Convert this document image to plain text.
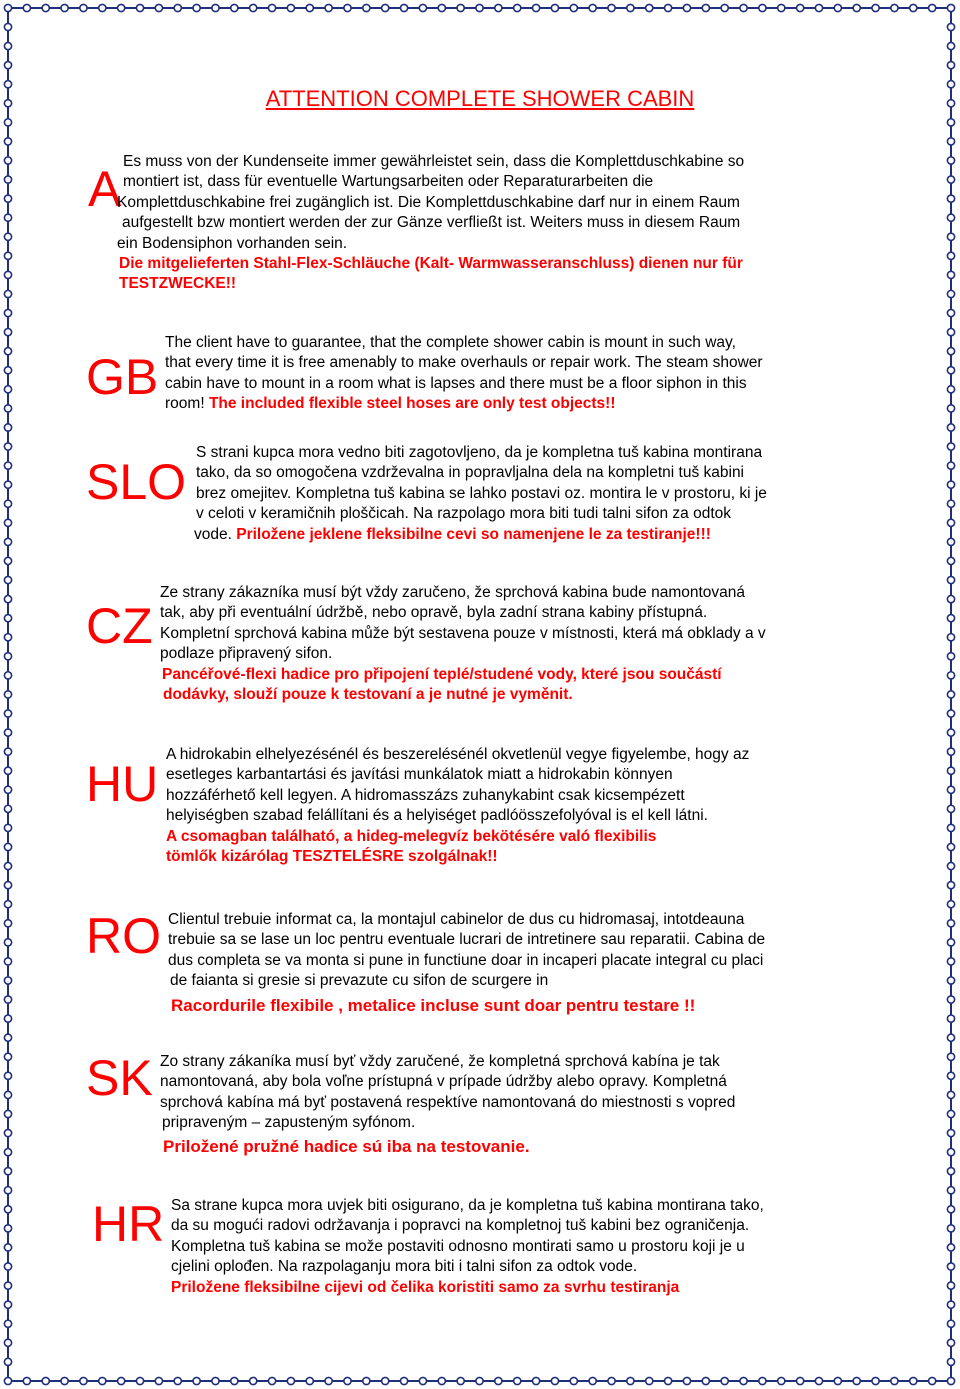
ATTENTION COMPLETE SHOWER CABIN
A Es muss von der Kundenseite immer gewährleistet sein, dass die Komplettduschkabine so
montiert ist, dass für eventuelle Wartungsarbeiten oder Reparaturarbeiten die
Komplettduschkabine frei zugänglich ist. Die Komplettduschkabine darf nur in einem Raum
aufgestellt bzw montiert werden der zur Gänze verfließt ist. Weiters muss in diesem Raum
ein Bodensiphon vorhanden sein.
Die mitgelieferten Stahl-Flex-Schläuche (Kalt- Warmwasseranschluss) dienen nur für
TESTZWECKE!!
GB
The client have to guarantee, that the complete shower cabin is mount in such way,
that every time it is free amenably to make overhauls or repair work. The steam shower
cabin have to mount in a room what is lapses and there must be a floor siphon in this
room! The included flexible steel hoses are only test objects!!
SLO
S strani kupca mora vedno biti zagotovljeno, da je kompletna tuš kabina montirana
tako, da so omogočena vzdrževalna in popravljalna dela na kompletni tuš kabini
brez omejitev. Kompletna tuš kabina se lahko postavi oz. montira le v prostoru, ki je
v celoti v keramičnih ploščicah. Na razpolago mora biti tudi talni sifon za odtok
vode. Priložene jeklene fleksibilne cevi so namenjene le za testiranje!!!
CZ
Ze strany zákazníka musí být vždy zaručeno, že sprchová kabina bude namontovaná
tak, aby při eventuální údržbě, nebo opravě, byla zadní strana kabiny přístupná.
Kompletní sprchová kabina může být sestavena pouze v místnosti, která má obklady a v
podlaze připravený sifon.
Pancéřové-flexi hadice pro připojení teplé/studené vody, které jsou součástí
dodávky, slouží pouze k testovaní a je nutné je vyměnit.
HU
A hidrokabin elhelyezésénél és beszerelésénél okvetlenül vegye figyelembe, hogy az
esetleges karbantartási és javítási munkálatok miatt a hidrokabin könnyen
hozzáférhető kell legyen. A hidromasszázs zuhanykabint csak kicsempézett
helyiségben szabad felállítani és a helyiséget padlóösszefolyóval is el kell látni.
A csomagban található, a hideg-melegvíz bekötésére való flexibilis
tömlők kizárólag TESZTELÉSRE szolgálnak!!
RO Clientul trebuie informat ca, la montajul cabinelor de dus cu hidromasaj, intotdeauna
trebuie sa se lase un loc pentru eventuale lucrari de intretinere sau reparatii. Cabina de
dus completa se va monta si pune in functiune doar in incaperi placate integral cu placi
de faianta si gresie si prevazute cu sifon de scurgere in
Racordurile flexibile , metalice incluse sunt doar pentru testare !!
SK Zo strany zákaníka musí byť vždy zaručené, že kompletná sprchová kabína je tak
namontovaná, aby bola voľne prístupná v prípade údržby alebo opravy. Kompletná
sprchová kabína má byť postavená respektíve namontovaná do miestnosti s vopred
pripraveným – zapusteným syfónom.
Priložené pružné hadice sú iba na testovanie.
HR Sa strane kupca mora uvjek biti osigurano, da je kompletna tuš kabina montirana tako,
da su mogući radovi održavanja i popravci na kompletnoj tuš kabini bez ograničenja.
Kompletna tuš kabina se može postaviti odnosno montirati samo u prostoru koji je u
cjelini oplođen. Na razpolaganju mora biti i talni sifon za odtok vode.
Priložene fleksibilne cijevi od čelika koristiti samo za svrhu testiranja
